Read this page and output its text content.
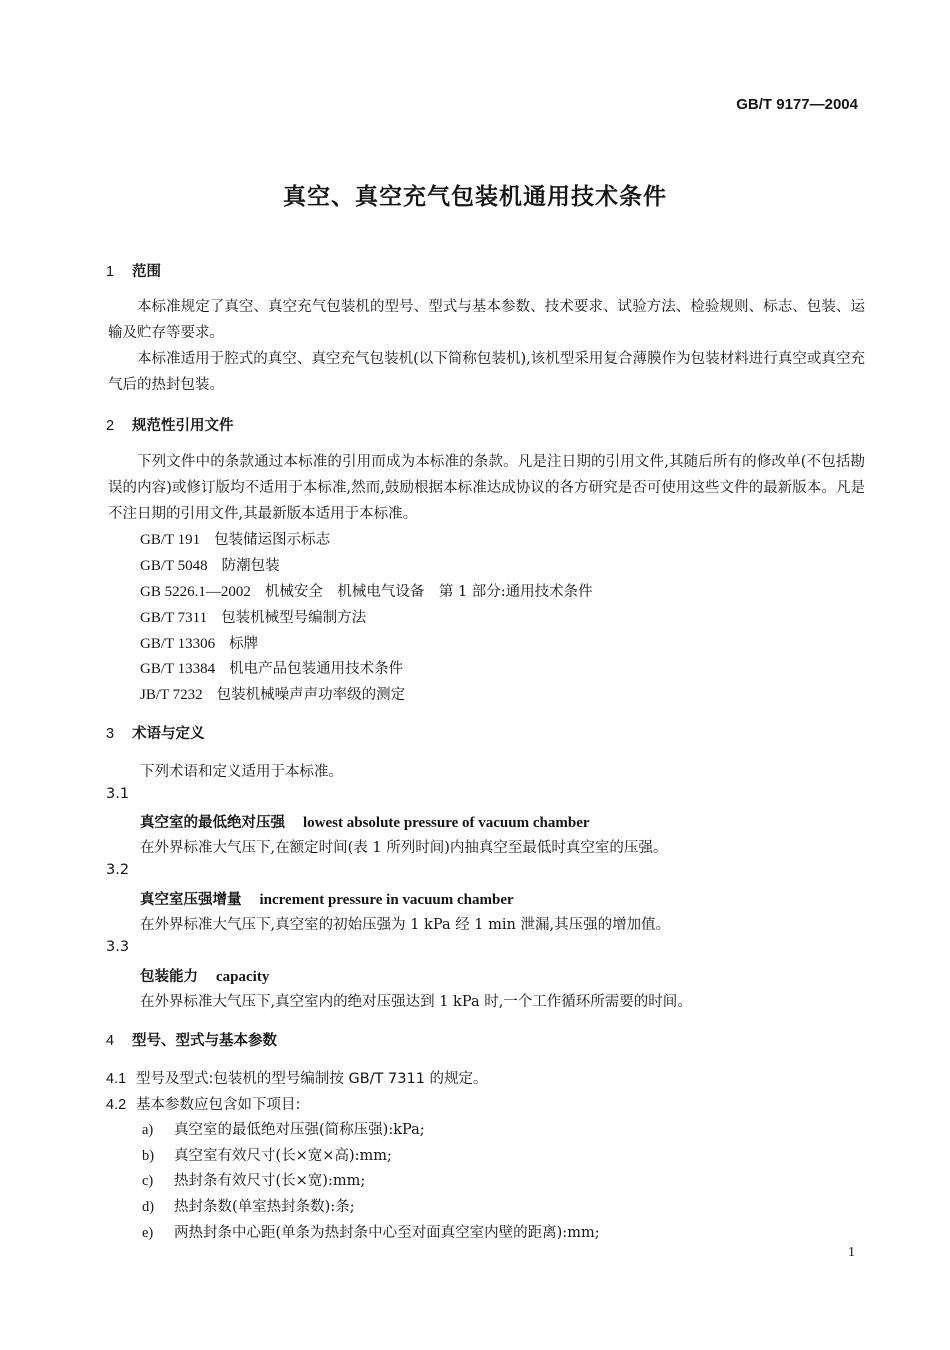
GB/T 9177—2004
真空、真空充气包装机通用技术条件
1 范围
本标准规定了真空、真空充气包装机的型号、型式与基本参数、技术要求、试验方法、检验规则、标志、包装、运输及贮存等要求。
本标准适用于腔式的真空、真空充气包装机(以下简称包装机),该机型采用复合薄膜作为包装材料进行真空或真空充气后的热封包装。
2 规范性引用文件
下列文件中的条款通过本标准的引用而成为本标准的条款。凡是注日期的引用文件,其随后所有的修改单(不包括勘误的内容)或修订版均不适用于本标准,然而,鼓励根据本标准达成协议的各方研究是否可使用这些文件的最新版本。凡是不注日期的引用文件,其最新版本适用于本标准。
GB/T 191 包装储运图示标志
GB/T 5048 防潮包装
GB 5226.1—2002 机械安全　机械电气设备　第 1 部分:通用技术条件
GB/T 7311 包装机械型号编制方法
GB/T 13306 标牌
GB/T 13384 机电产品包装通用技术条件
JB/T 7232 包装机械噪声声功率级的测定
3 术语与定义
下列术语和定义适用于本标准。
3.1
真空室的最低绝对压强 lowest absolute pressure of vacuum chamber
在外界标准大气压下,在额定时间(表 1 所列时间)内抽真空至最低时真空室的压强。
3.2
真空室压强增量 increment pressure in vacuum chamber
在外界标准大气压下,真空室的初始压强为 1 kPa 经 1 min 泄漏,其压强的增加值。
3.3
包装能力 capacity
在外界标准大气压下,真空室内的绝对压强达到 1 kPa 时,一个工作循环所需要的时间。
4 型号、型式与基本参数
4.1 型号及型式:包装机的型号编制按 GB/T 7311 的规定。
4.2 基本参数应包含如下项目:
a) 真空室的最低绝对压强(简称压强):kPa;
b) 真空室有效尺寸(长×宽×高):mm;
c) 热封条有效尺寸(长×宽):mm;
d) 热封条数(单室热封条数):条;
e) 两热封条中心距(单条为热封条中心至对面真空室内壁的距离):mm;
1
